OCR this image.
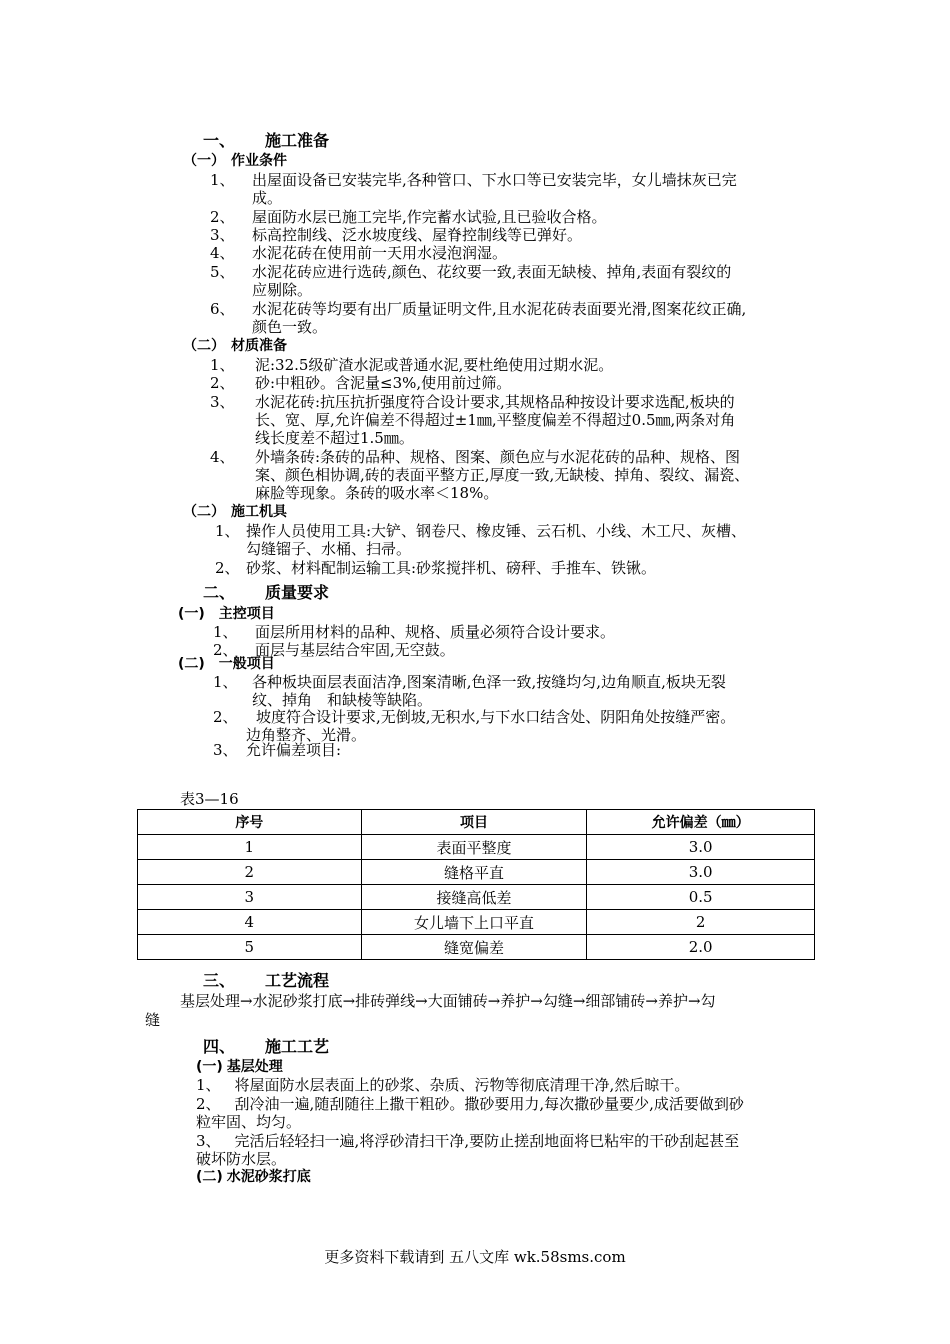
一、 施工准备
（一） 作业条件
1、 出屋面设备已安装完毕,各种管口、下水口等已安装完毕，女儿墙抹灰已完
成。
2、 屋面防水层已施工完毕,作完蓄水试验,且已验收合格。
3、 标高控制线、泛水坡度线、屋脊控制线等已弹好。
4、 水泥花砖在使用前一天用水浸泡润湿。
5、 水泥花砖应进行选砖,颜色、花纹要一致,表面无缺棱、掉角,表面有裂纹的
应剔除。
6、 水泥花砖等均要有出厂质量证明文件,且水泥花砖表面要光滑,图案花纹正确,
颜色一致。
（二） 材质准备
1、 泥:32.5级矿渣水泥或普通水泥,要杜绝使用过期水泥。
2、 砂:中粗砂。含泥量≤3%,使用前过筛。
3、 水泥花砖:抗压抗折强度符合设计要求,其规格品种按设计要求选配,板块的
长、宽、厚,允许偏差不得超过±1㎜,平整度偏差不得超过0.5㎜,两条对角
线长度差不超过1.5㎜。
4、 外墙条砖:条砖的品种、规格、图案、颜色应与水泥花砖的品种、规格、图
案、颜色相协调,砖的表面平整方正,厚度一致,无缺棱、掉角、裂纹、漏瓷、
麻脸等现象。条砖的吸水率＜18%。
（二） 施工机具
1、 操作人员使用工具:大铲、钢卷尺、橡皮锤、云石机、小线、木工尺、灰槽、
勾缝镏子、水桶、扫帚。
2、 砂浆、材料配制运输工具:砂浆搅拌机、磅秤、手推车、铁锹。
二、 质量要求
(一) 主控项目
1、 面层所用材料的品种、规格、质量必须符合设计要求。
2、 面层与基层结合牢固,无空鼓。
(二) 一般项目
1、 各种板块面层表面洁净,图案清晰,色泽一致,按缝均匀,边角顺直,板块无裂
纹、掉角　和缺棱等缺陷。
2、	坡度符合设计要求,无倒坡,无积水,与下水口结含处、阴阳角处按缝严密。
边角整齐、光滑。
3、 允许偏差项目:
表3—16
序号	项目	允许偏差（㎜）
1	表面平整度	3.0
2	缝格平直	3.0
3	接缝高低差	0.5
4	女儿墙下上口平直	2
5	缝宽偏差	2.0
三、 工艺流程
基层处理→水泥砂浆打底→排砖弹线→大面铺砖→养护→勾缝→细部铺砖→养护→勾
缝
四、 施工工艺
(一) 基层处理
1、 将屋面防水层表面上的砂浆、杂质、污物等彻底清理干净,然后晾干。
2、 刮冷油一遍,随刮随往上撒干粗砂。撒砂要用力,每次撒砂量要少,成活要做到砂
粒牢固、均匀。
3、 完活后轻轻扫一遍,将浮砂清扫干净,要防止搓刮地面将巳粘牢的干砂刮起甚至
破坏防水层。
(二) 水泥砂浆打底
更多资料下载请到 五八文库 wk.58sms.com
